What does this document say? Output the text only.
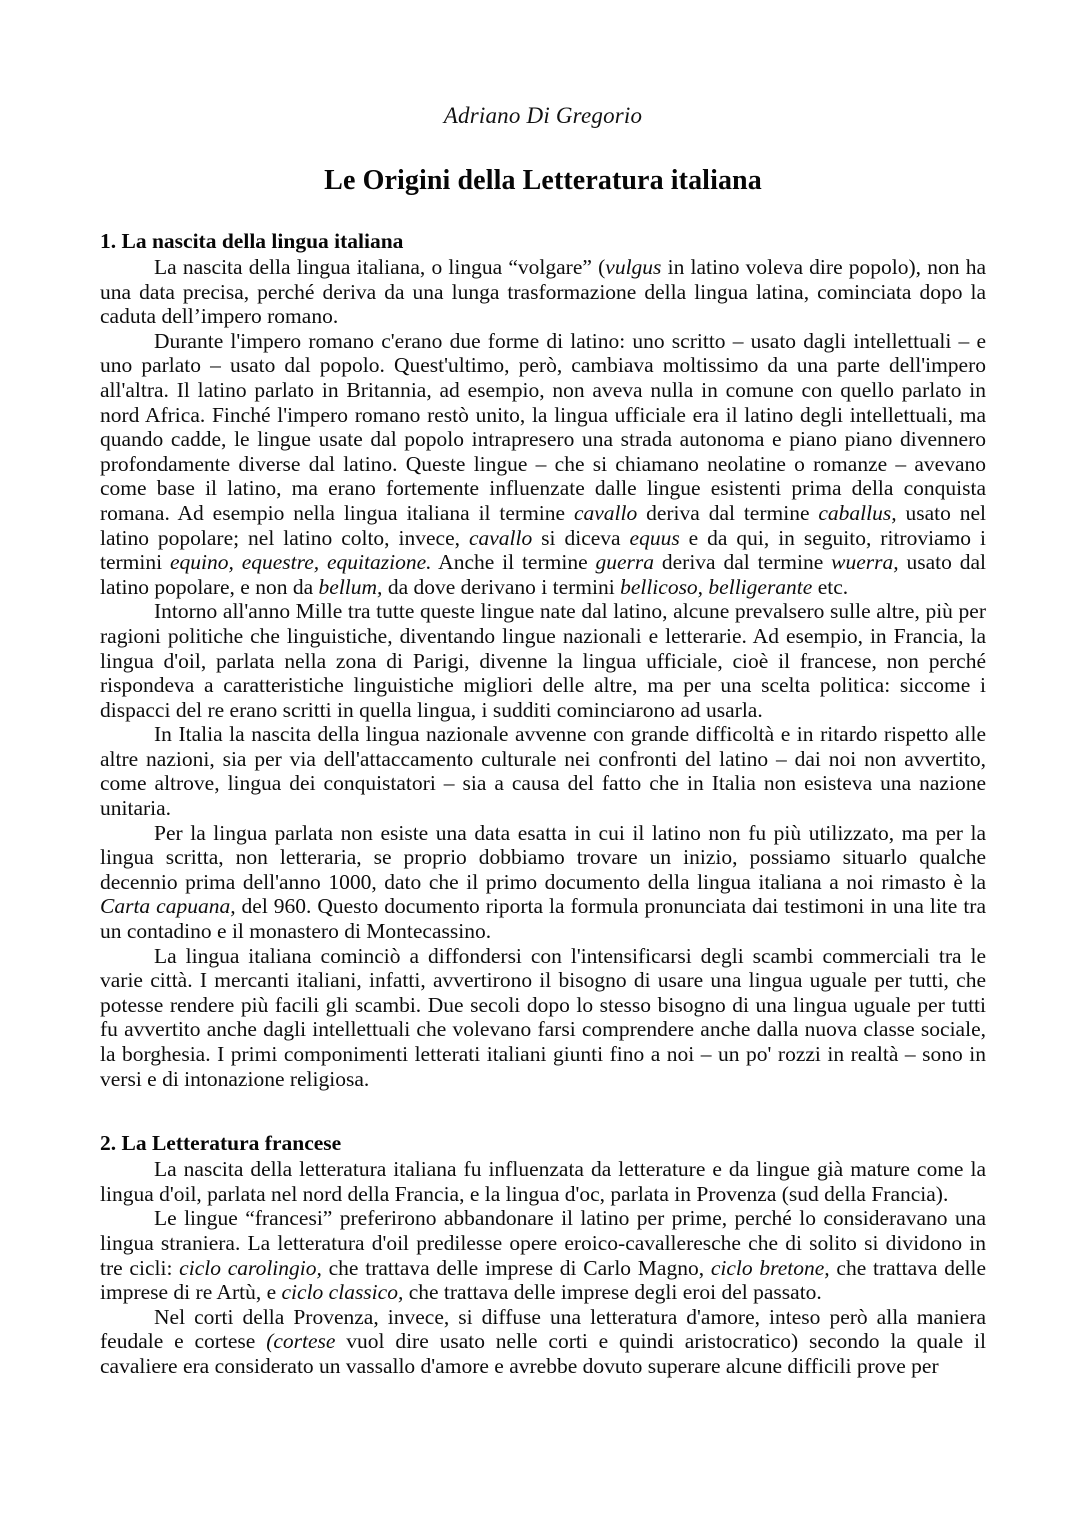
Adriano Di Gregorio

Le Origini della Letteratura italiana
1. La nascita della lingua italiana

La nascita della lingua italiana, o lingua “volgare” (vulgus in latino voleva dire popolo), non ha una data precisa, perché deriva da una lunga trasformazione della lingua latina, cominciata dopo la caduta dell’impero romano.

Durante l'impero romano c'erano due forme di latino: uno scritto – usato dagli intellettuali – e uno parlato – usato dal popolo. Quest'ultimo, però, cambiava moltissimo da una parte dell'impero all'altra. Il latino parlato in Britannia, ad esempio, non aveva nulla in comune con quello parlato in nord Africa. Finché l'impero romano restò unito, la lingua ufficiale era il latino degli intellettuali, ma quando cadde, le lingue usate dal popolo intrapresero una strada autonoma e piano piano divennero profondamente diverse dal latino. Queste lingue – che si chiamano neolatine o romanze – avevano come base il latino, ma erano fortemente influenzate dalle lingue esistenti prima della conquista romana. Ad esempio nella lingua italiana il termine cavallo deriva dal termine caballus, usato nel latino popolare; nel latino colto, invece, cavallo si diceva equus e da qui, in seguito, ritroviamo i termini equino, equestre, equitazione. Anche il termine guerra deriva dal termine wuerra, usato dal latino popolare, e non da bellum, da dove derivano i termini bellicoso, belligerante etc.

Intorno all'anno Mille tra tutte queste lingue nate dal latino, alcune prevalsero sulle altre, più per ragioni politiche che linguistiche, diventando lingue nazionali e letterarie. Ad esempio, in Francia, la lingua d'oil, parlata nella zona di Parigi, divenne la lingua ufficiale, cioè il francese, non perché rispondeva a caratteristiche linguistiche migliori delle altre, ma per una scelta politica: siccome i dispacci del re erano scritti in quella lingua, i sudditi cominciarono ad usarla.

In Italia la nascita della lingua nazionale avvenne con grande difficoltà e in ritardo rispetto alle altre nazioni, sia per via dell'attaccamento culturale nei confronti del latino – dai noi non avvertito, come altrove, lingua dei conquistatori – sia a causa del fatto che in Italia non esisteva una nazione unitaria.

Per la lingua parlata non esiste una data esatta in cui il latino non fu più utilizzato, ma per la lingua scritta, non letteraria, se proprio dobbiamo trovare un inizio, possiamo situarlo qualche decennio prima dell'anno 1000, dato che il primo documento della lingua italiana a noi rimasto è la Carta capuana, del 960. Questo documento riporta la formula pronunciata dai testimoni in una lite tra un contadino e il monastero di Montecassino.

La lingua italiana cominciò a diffondersi con l'intensificarsi degli scambi commerciali tra le varie città. I mercanti italiani, infatti, avvertirono il bisogno di usare una lingua uguale per tutti, che potesse rendere più facili gli scambi. Due secoli dopo lo stesso bisogno di una lingua uguale per tutti fu avvertito anche dagli intellettuali che volevano farsi comprendere anche dalla nuova classe sociale, la borghesia. I primi componimenti letterati italiani giunti fino a noi – un po' rozzi in realtà – sono in versi e di intonazione religiosa.

2. La Letteratura francese

La nascita della letteratura italiana fu influenzata da letterature e da lingue già mature come la lingua d'oil, parlata nel nord della Francia, e la lingua d'oc, parlata in Provenza (sud della Francia).

Le lingue “francesi” preferirono abbandonare il latino per prime, perché lo consideravano una lingua straniera. La letteratura d'oil predilesse opere eroico-cavalleresche che di solito si dividono in tre cicli: ciclo carolingio, che trattava delle imprese di Carlo Magno, ciclo bretone, che trattava delle imprese di re Artù, e ciclo classico, che trattava delle imprese degli eroi del passato.

Nel corti della Provenza, invece, si diffuse una letteratura d'amore, inteso però alla maniera feudale e cortese (cortese vuol dire usato nelle corti e quindi aristocratico) secondo la quale il cavaliere era considerato un vassallo d'amore e avrebbe dovuto superare alcune difficili prove per
